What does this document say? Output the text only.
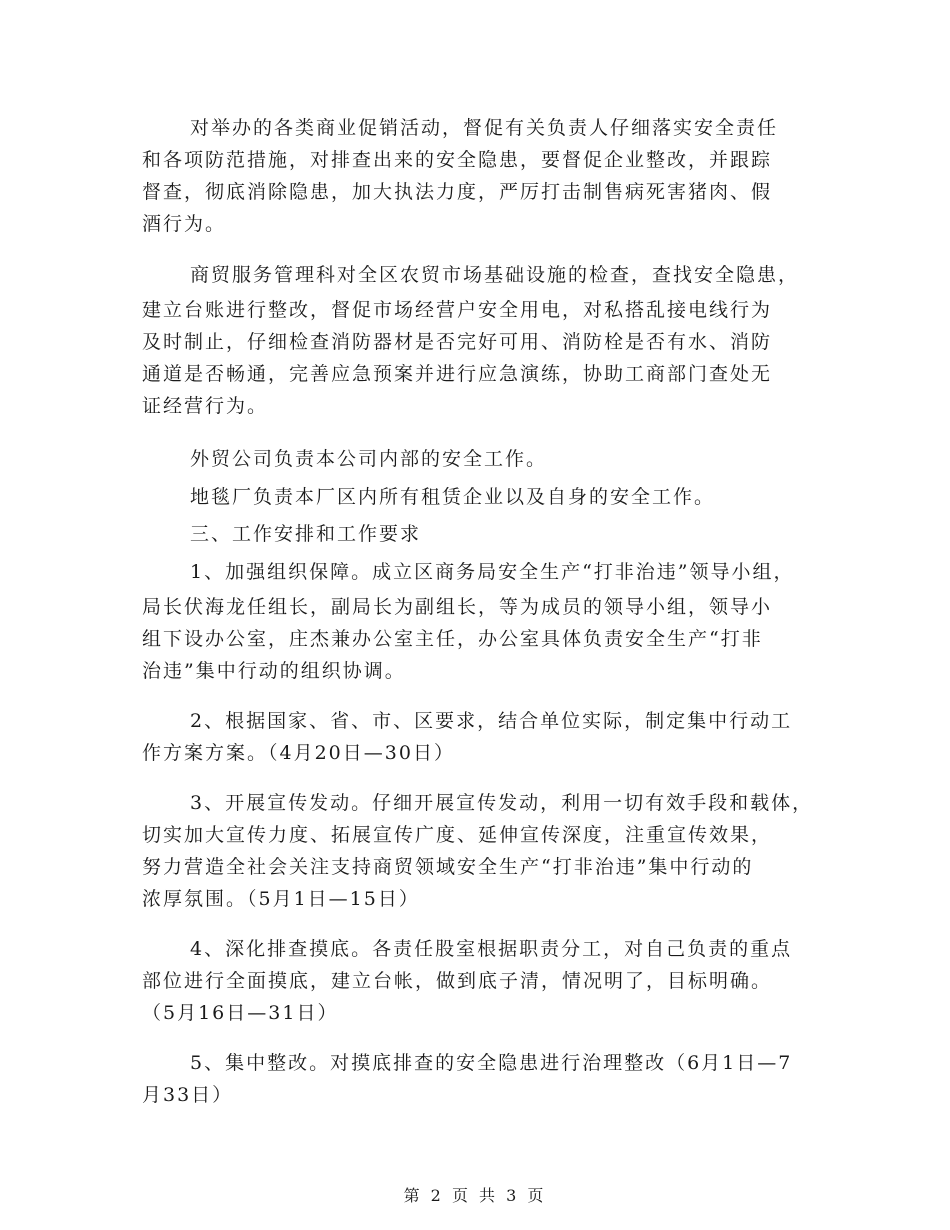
对举办的各类商业促销活动，督促有关负责人仔细落实安全责任
和各项防范措施，对排查出来的安全隐患，要督促企业整改，并跟踪
督查，彻底消除隐患，加大执法力度，严厉打击制售病死害猪肉、假
酒行为。
商贸服务管理科对全区农贸市场基础设施的检查，查找安全隐患，
建立台账进行整改，督促市场经营户安全用电，对私搭乱接电线行为
及时制止，仔细检查消防器材是否完好可用、消防栓是否有水、消防
通道是否畅通，完善应急预案并进行应急演练，协助工商部门查处无
证经营行为。
外贸公司负责本公司内部的安全工作。
地毯厂负责本厂区内所有租赁企业以及自身的安全工作。
三、工作安排和工作要求
1、加强组织保障。成立区商务局安全生产“打非治违”领导小组，
局长伏海龙任组长，副局长为副组长，等为成员的领导小组，领导小
组下设办公室，庄杰兼办公室主任，办公室具体负责安全生产“打非
治违”集中行动的组织协调。
2、根据国家、省、市、区要求，结合单位实际，制定集中行动工
作方案方案。（4月20日—30日）
3、开展宣传发动。仔细开展宣传发动，利用一切有效手段和载体，
切实加大宣传力度、拓展宣传广度、延伸宣传深度，注重宣传效果，
努力营造全社会关注支持商贸领域安全生产“打非治违”集中行动的
浓厚氛围。（5月1日—15日）
4、深化排查摸底。各责任股室根据职责分工，对自己负责的重点
部位进行全面摸底，建立台帐，做到底子清，情况明了，目标明确。
（5月16日—31日）
5、集中整改。对摸底排查的安全隐患进行治理整改（6月1日—7
月33日）
第 2 页 共 3 页
